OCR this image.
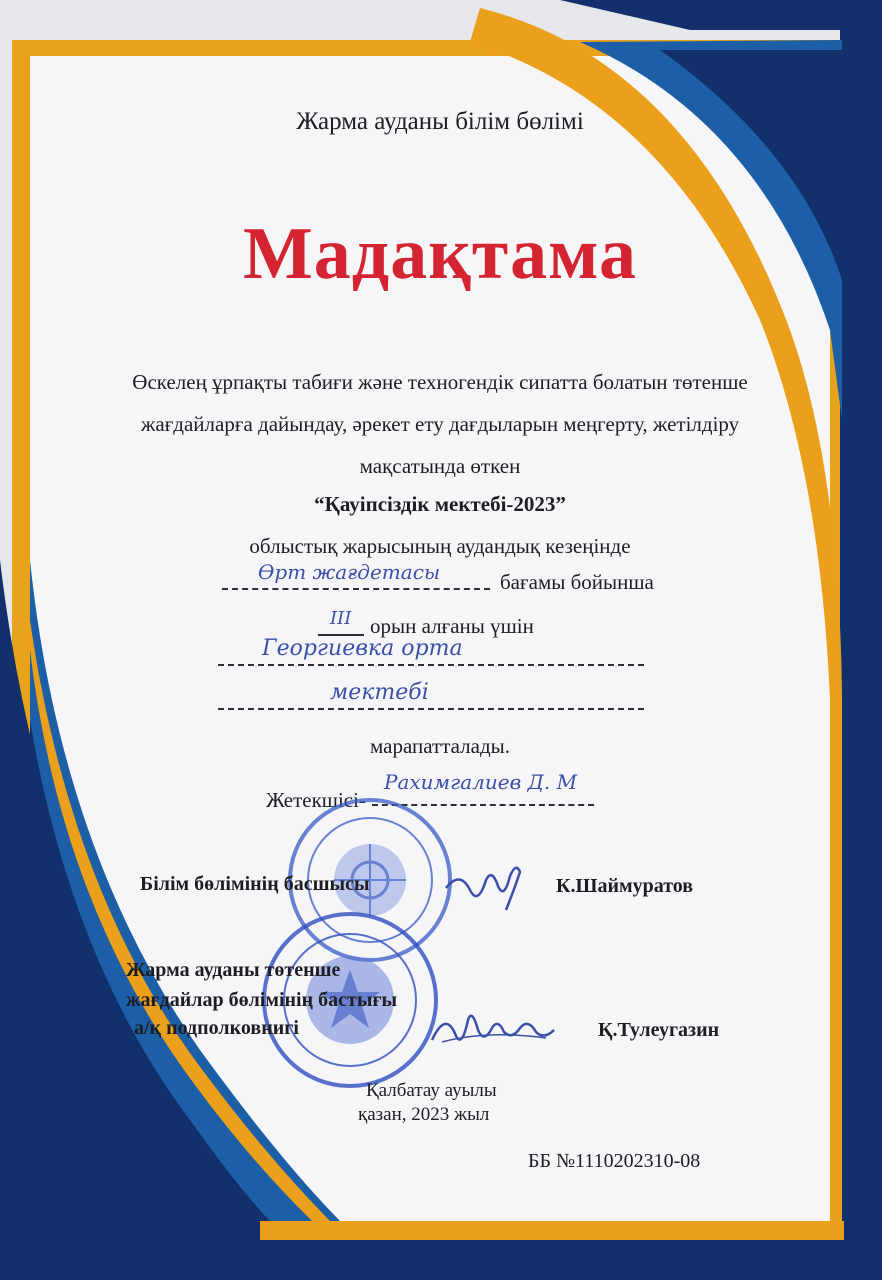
Жарма ауданы білім бөлімі
Мадақтама
Өскелең ұрпақты табиғи және техногендік сипатта болатын төтенше
жағдайларға дайындау, әрекет ету дағдыларын меңгерту, жетілдіру
мақсатында өткен
“Қауіпсіздік мектебі-2023”
облыстық жарысының аудандық кезеңінде
Өрт жағдетасы	бағамы бойынша
III орын алғаны үшін
Георгиевка орта
мектебі
марапатталады.
Жетекшісі-
Рахимгалиев Д. М
Білім бөлімінің басшысы	К.Шаймуратов
Жарма ауданы төтенше
жағдайлар бөлімінің бастығы
а/қ подполковнигі	Қ.Тулеугазин
Қалбатау ауылы
қазан, 2023 жыл
ББ №1110202310-08
